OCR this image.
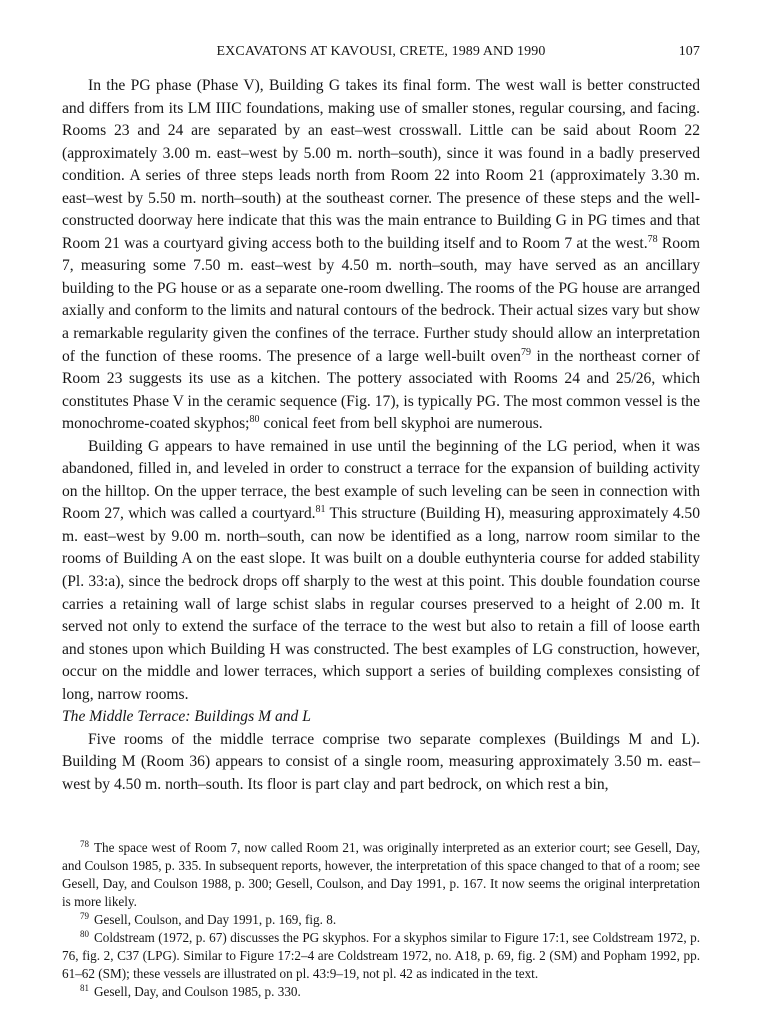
EXCAVATONS AT KAVOUSI, CRETE, 1989 AND 1990	107

In the PG phase (Phase V), Building G takes its final form. The west wall is better constructed and differs from its LM IIIC foundations, making use of smaller stones, regular coursing, and facing. Rooms 23 and 24 are separated by an east–west crosswall. Little can be said about Room 22 (approximately 3.00 m. east–west by 5.00 m. north–south), since it was found in a badly preserved condition. A series of three steps leads north from Room 22 into Room 21 (approximately 3.30 m. east–west by 5.50 m. north–south) at the southeast corner. The presence of these steps and the well-constructed doorway here indicate that this was the main entrance to Building G in PG times and that Room 21 was a courtyard giving access both to the building itself and to Room 7 at the west.$^{78}$ Room 7, measuring some 7.50 m. east–west by 4.50 m. north–south, may have served as an ancillary building to the PG house or as a separate one-room dwelling. The rooms of the PG house are arranged axially and conform to the limits and natural contours of the bedrock. Their actual sizes vary but show a remarkable regularity given the confines of the terrace. Further study should allow an interpretation of the function of these rooms. The presence of a large well-built oven$^{79}$ in the northeast corner of Room 23 suggests its use as a kitchen. The pottery associated with Rooms 24 and 25/26, which constitutes Phase V in the ceramic sequence (Fig. 17), is typically PG. The most common vessel is the monochrome-coated skyphos;$^{80}$ conical feet from bell skyphoi are numerous.

Building G appears to have remained in use until the beginning of the LG period, when it was abandoned, filled in, and leveled in order to construct a terrace for the expansion of building activity on the hilltop. On the upper terrace, the best example of such leveling can be seen in connection with Room 27, which was called a courtyard.$^{81}$ This structure (Building H), measuring approximately 4.50 m. east–west by 9.00 m. north–south, can now be identified as a long, narrow room similar to the rooms of Building A on the east slope. It was built on a double euthynteria course for added stability (Pl. 33:a), since the bedrock drops off sharply to the west at this point. This double foundation course carries a retaining wall of large schist slabs in regular courses preserved to a height of 2.00 m. It served not only to extend the surface of the terrace to the west but also to retain a fill of loose earth and stones upon which Building H was constructed. The best examples of LG construction, however, occur on the middle and lower terraces, which support a series of building complexes consisting of long, narrow rooms.

The Middle Terrace: Buildings M and L

Five rooms of the middle terrace comprise two separate complexes (Buildings M and L). Building M (Room 36) appears to consist of a single room, measuring approximately 3.50 m. east–west by 4.50 m. north–south. Its floor is part clay and part bedrock, on which rest a bin,

$^{78}$ The space west of Room 7, now called Room 21, was originally interpreted as an exterior court; see Gesell, Day, and Coulson 1985, p. 335. In subsequent reports, however, the interpretation of this space changed to that of a room; see Gesell, Day, and Coulson 1988, p. 300; Gesell, Coulson, and Day 1991, p. 167. It now seems the original interpretation is more likely.

$^{79}$ Gesell, Coulson, and Day 1991, p. 169, fig. 8.

$^{80}$ Coldstream (1972, p. 67) discusses the PG skyphos. For a skyphos similar to Figure 17:1, see Coldstream 1972, p. 76, fig. 2, C37 (LPG). Similar to Figure 17:2–4 are Coldstream 1972, no. A18, p. 69, fig. 2 (SM) and Popham 1992, pp. 61–62 (SM); these vessels are illustrated on pl. 43:9–19, not pl. 42 as indicated in the text.

$^{81}$ Gesell, Day, and Coulson 1985, p. 330.
